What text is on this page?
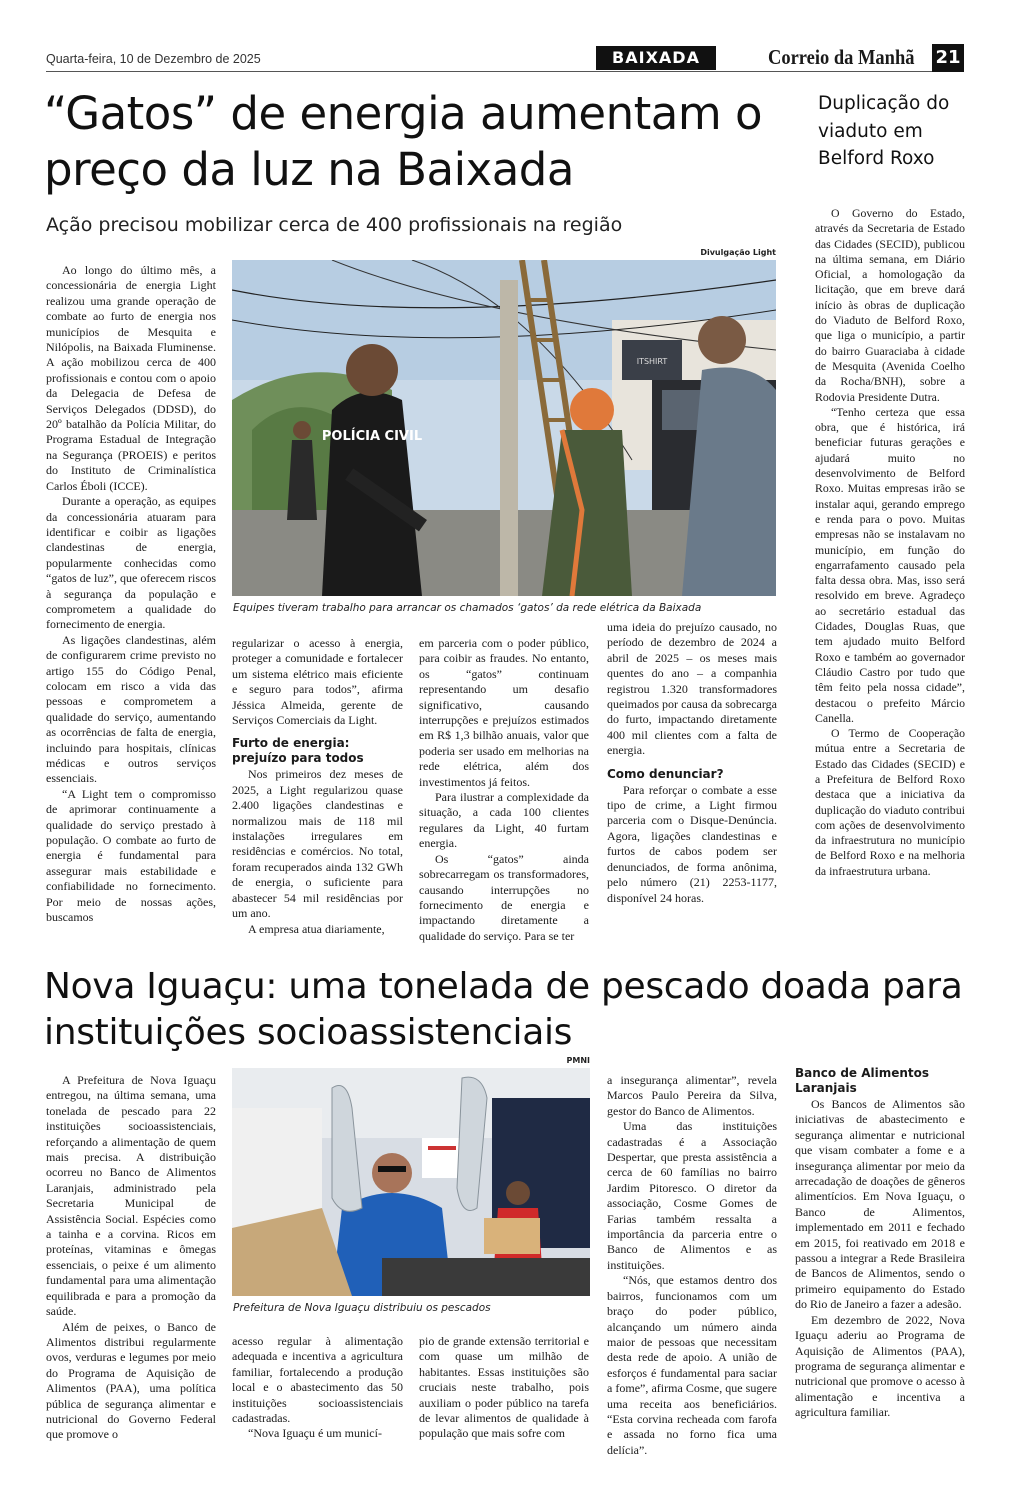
Quarta-feira, 10 de Dezembro de 2025	BAIXADA	Correio da Manhã 21
“Gatos” de energia aumentam o preço da luz na Baixada
Ação precisou mobilizar cerca de 400 profissionais na região
Divulgação Light
ITSHIRT
POLÍCIA CIVIL
Equipes tiveram trabalho para arrancar os chamados ‘gatos’ da rede elétrica da Baixada

Ao longo do último mês, a concessionária de energia Light realizou uma grande operação de combate ao furto de energia nos municípios de Mesquita e Nilópolis, na Baixada Fluminense. A ação mobilizou cerca de 400 profissionais e contou com o apoio da Delegacia de Defesa de Serviços Delegados (DDSD), do 20º batalhão da Polícia Militar, do Programa Estadual de Integração na Segurança (PROEIS) e peritos do Instituto de Criminalística Carlos Éboli (ICCE).

Durante a operação, as equipes da concessionária atuaram para identificar e coibir as ligações clandestinas de energia, popularmente conhecidas como “gatos de luz”, que oferecem riscos à segurança da população e comprometem a qualidade do fornecimento de energia.

As ligações clandestinas, além de configurarem crime previsto no artigo 155 do Código Penal, colocam em risco a vida das pessoas e comprometem a qualidade do serviço, aumentando as ocorrências de falta de energia, incluindo para hospitais, clínicas médicas e outros serviços essenciais.

“A Light tem o compromisso de aprimorar continuamente a qualidade do serviço prestado à população. O combate ao furto de energia é fundamental para assegurar mais estabilidade e confiabilidade no fornecimento. Por meio de nossas ações, buscamos

regularizar o acesso à energia, proteger a comunidade e fortalecer um sistema elétrico mais eficiente e seguro para todos”, afirma Jéssica Almeida, gerente de Serviços Comerciais da Light.

Furto de energia: prejuízo para todos

Nos primeiros dez meses de 2025, a Light regularizou quase 2.400 ligações clandestinas e normalizou mais de 118 mil instalações irregulares em residências e comércios. No total, foram recuperados ainda 132 GWh de energia, o suficiente para abastecer 54 mil residências por um ano.

A empresa atua diariamente,

em parceria com o poder público, para coibir as fraudes. No entanto, os “gatos” continuam representando um desafio significativo, causando interrupções e prejuízos estimados em R$ 1,3 bilhão anuais, valor que poderia ser usado em melhorias na rede elétrica, além dos investimentos já feitos.

Para ilustrar a complexidade da situação, a cada 100 clientes regulares da Light, 40 furtam energia.

Os “gatos” ainda sobrecarregam os transformadores, causando interrupções no fornecimento de energia e impactando diretamente a qualidade do serviço. Para se ter

uma ideia do prejuízo causado, no período de dezembro de 2024 a abril de 2025 – os meses mais quentes do ano – a companhia registrou 1.320 transformadores queimados por causa da sobrecarga do furto, impactando diretamente 400 mil clientes com a falta de energia.

Como denunciar?

Para reforçar o combate a esse tipo de crime, a Light firmou parceria com o Disque-Denúncia. Agora, ligações clandestinas e furtos de cabos podem ser denunciados, de forma anônima, pelo número (21) 2253-1177, disponível 24 horas.

Duplicação do viaduto em Belford Roxo

O Governo do Estado, através da Secretaria de Estado das Cidades (SECID), publicou na última semana, em Diário Oficial, a homologação da licitação, que em breve dará início às obras de duplicação do Viaduto de Belford Roxo, que liga o município, a partir do bairro Guaraciaba à cidade de Mesquita (Avenida Coelho da Rocha/BNH), sobre a Rodovia Presidente Dutra.

“Tenho certeza que essa obra, que é histórica, irá beneficiar futuras gerações e ajudará muito no desenvolvimento de Belford Roxo. Muitas empresas irão se instalar aqui, gerando emprego e renda para o povo. Muitas empresas não se instalavam no município, em função do engarrafamento causado pela falta dessa obra. Mas, isso será resolvido em breve. Agradeço ao secretário estadual das Cidades, Douglas Ruas, que tem ajudado muito Belford Roxo e também ao governador Cláudio Castro por tudo que têm feito pela nossa cidade”, destacou o prefeito Márcio Canella.

O Termo de Cooperação mútua entre a Secretaria de Estado das Cidades (SECID) e a Prefeitura de Belford Roxo destaca que a iniciativa da duplicação do viaduto contribui com ações de desenvolvimento da infraestrutura no município de Belford Roxo e na melhoria da infraestrutura urbana.

Nova Iguaçu: uma tonelada de pescado doada para instituições socioassistenciais
PMNI
Prefeitura de Nova Iguaçu distribuiu os pescados

A Prefeitura de Nova Iguaçu entregou, na última semana, uma tonelada de pescado para 22 instituições socioassistenciais, reforçando a alimentação de quem mais precisa. A distribuição ocorreu no Banco de Alimentos Laranjais, administrado pela Secretaria Municipal de Assistência Social. Espécies como a tainha e a corvina. Ricos em proteínas, vitaminas e ômegas essenciais, o peixe é um alimento fundamental para uma alimentação equilibrada e para a promoção da saúde.

Além de peixes, o Banco de Alimentos distribui regularmente ovos, verduras e legumes por meio do Programa de Aquisição de Alimentos (PAA), uma política pública de segurança alimentar e nutricional do Governo Federal que promove o

acesso regular à alimentação adequada e incentiva a agricultura familiar, fortalecendo a produção local e o abastecimento das 50 instituições socioassistenciais cadastradas.

“Nova Iguaçu é um municí-

pio de grande extensão territorial e com quase um milhão de habitantes. Essas instituições são cruciais neste trabalho, pois auxiliam o poder público na tarefa de levar alimentos de qualidade à população que mais sofre com

a insegurança alimentar”, revela Marcos Paulo Pereira da Silva, gestor do Banco de Alimentos.

Uma das instituições cadastradas é a Associação Despertar, que presta assistência a cerca de 60 famílias no bairro Jardim Pitoresco. O diretor da associação, Cosme Gomes de Farias também ressalta a importância da parceria entre o Banco de Alimentos e as instituições.

“Nós, que estamos dentro dos bairros, funcionamos com um braço do poder público, alcançando um número ainda maior de pessoas que necessitam desta rede de apoio. A união de esforços é fundamental para saciar a fome”, afirma Cosme, que sugere uma receita aos beneficiários. “Esta corvina recheada com farofa e assada no forno fica uma delícia”.

Banco de Alimentos Laranjais

Os Bancos de Alimentos são iniciativas de abastecimento e segurança alimentar e nutricional que visam combater a fome e a insegurança alimentar por meio da arrecadação de doações de gêneros alimentícios. Em Nova Iguaçu, o Banco de Alimentos, implementado em 2011 e fechado em 2015, foi reativado em 2018 e passou a integrar a Rede Brasileira de Bancos de Alimentos, sendo o primeiro equipamento do Estado do Rio de Janeiro a fazer a adesão.

Em dezembro de 2022, Nova Iguaçu aderiu ao Programa de Aquisição de Alimentos (PAA), programa de segurança alimentar e nutricional que promove o acesso à alimentação e incentiva a agricultura familiar.
